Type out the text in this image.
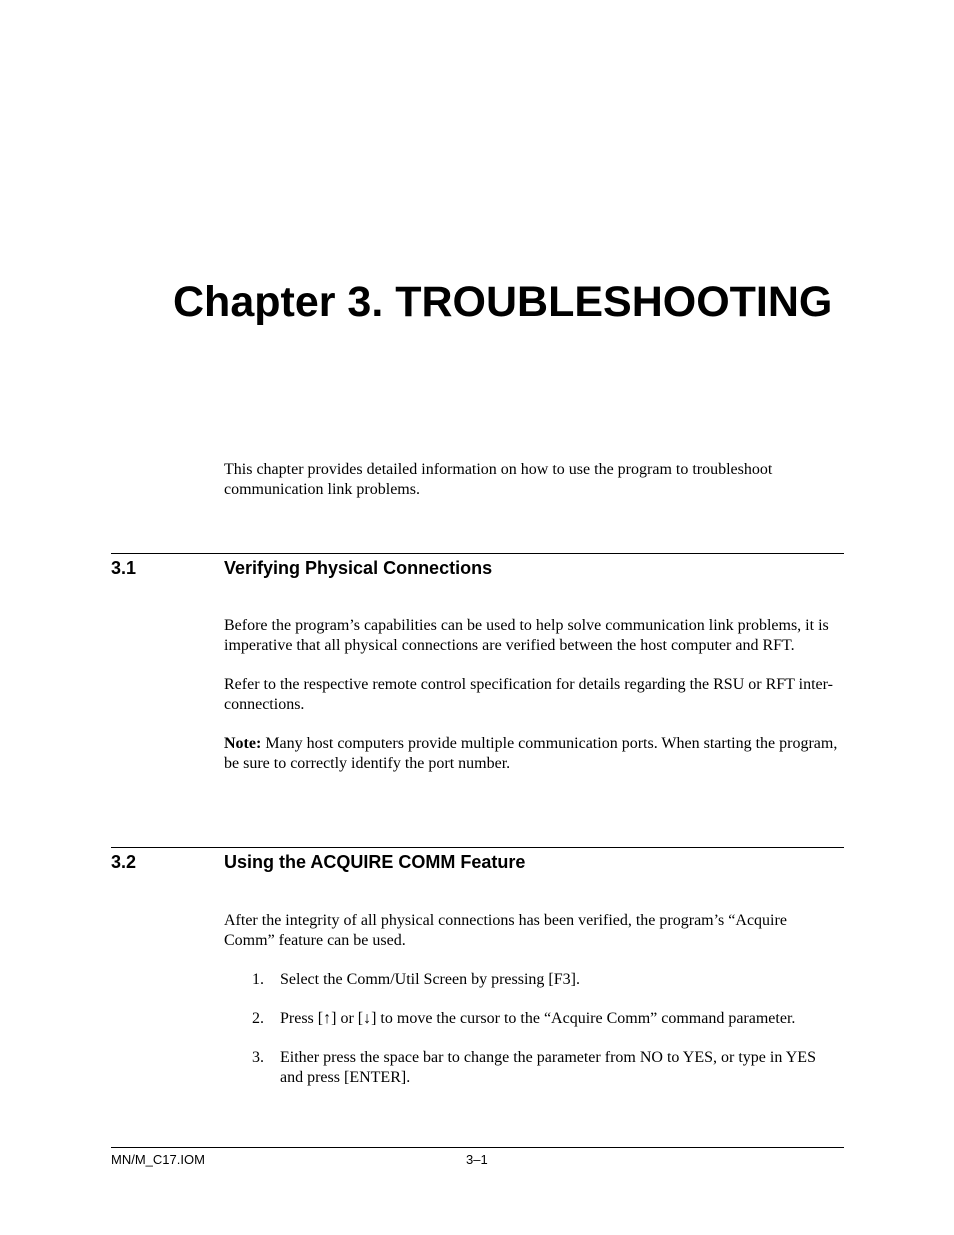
Chapter 3. TROUBLESHOOTING

This chapter provides detailed information on how to use the program to troubleshoot communication link problems.

3.1	Verifying Physical Connections

Before the program’s capabilities can be used to help solve communication link problems, it is imperative that all physical connections are verified between the host computer and RFT.

Refer to the respective remote control specification for details regarding the RSU or RFT inter-connections.

Note: Many host computers provide multiple communication ports. When starting the program, be sure to correctly identify the port number.

3.2	Using the ACQUIRE COMM Feature

After the integrity of all physical connections has been verified, the program’s “Acquire Comm” feature can be used.

1. Select the Comm/Util Screen by pressing [F3].
2. Press [↑] or [↓] to move the cursor to the “Acquire Comm” command parameter.
3. Either press the space bar to change the parameter from NO to YES, or type in YES and press [ENTER].
MN/M_C17.IOM	3–1
